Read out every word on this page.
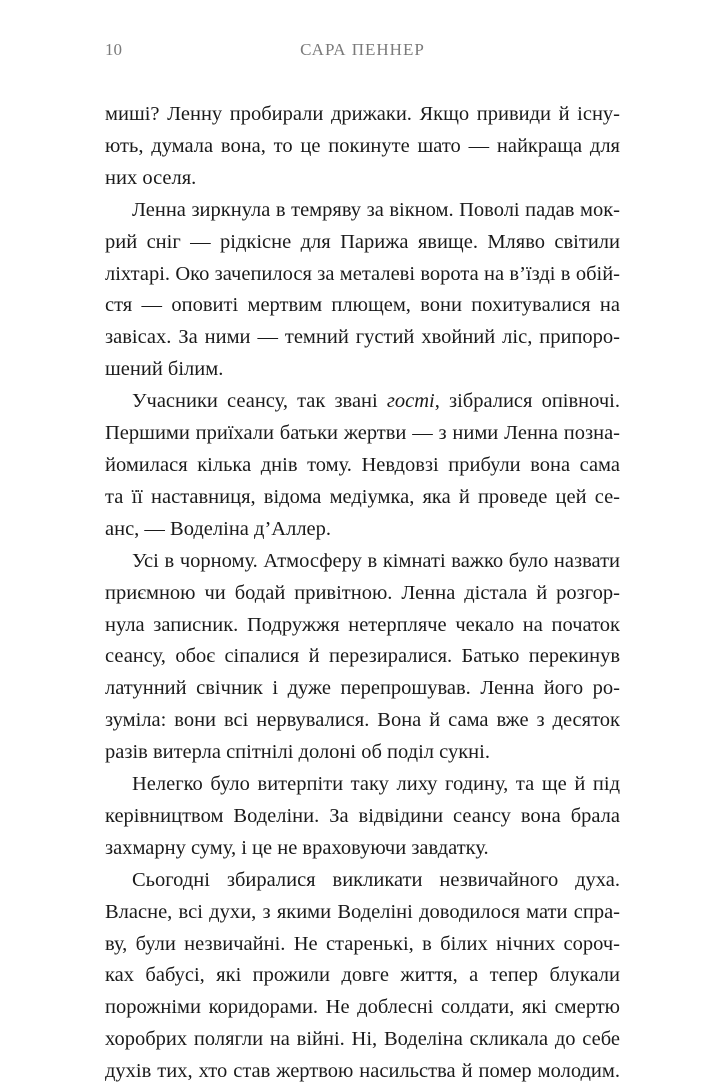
10	САРА ПЕННЕР

миші? Ленну пробирали дрижаки. Якщо привиди й існу-
ють, думала вона, то це покинуте шато — найкраща для
них оселя.

Ленна зиркнула в темряву за вікном. Поволі падав мок-
рий сніг — рідкісне для Парижа явище. Мляво світили
ліхтарі. Око зачепилося за металеві ворота на в’їзді в обій-
стя — оповиті мертвим плющем, вони похитувалися на
завісах. За ними — темний густий хвойний ліс, припоро-
шений білим.

Учасники сеансу, так звані гості, зібралися опівночі.
Першими приїхали батьки жертви — з ними Ленна позна-
йомилася кілька днів тому. Невдовзі прибули вона сама
та її наставниця, відома медіумка, яка й проведе цей се-
анс, — Воделіна д’Аллер.

Усі в чорному. Атмосферу в кімнаті важко було назвати
приємною чи бодай привітною. Ленна дістала й розгор-
нула записник. Подружжя нетерпляче чекало на початок
сеансу, обоє сіпалися й перезиралися. Батько перекинув
латунний свічник і дуже перепрошував. Ленна його ро-
зуміла: вони всі нервувалися. Вона й сама вже з десяток
разів витерла спітнілі долоні об поділ сукні.

Нелегко було витерпіти таку лиху годину, та ще й під
керівництвом Воделіни. За відвідини сеансу вона брала
захмарну суму, і це не враховуючи завдатку.

Сьогодні збиралися викликати незвичайного духа.
Власне, всі духи, з якими Воделіні доводилося мати спра-
ву, були незвичайні. Не старенькі, в білих нічних сороч-
ках бабусі, які прожили довге життя, а тепер блукали
порожніми коридорами. Не доблесні солдати, які смертю
хоробрих полягли на війні. Ні, Воделіна скликала до себе
духів тих, хто став жертвою насильства й помер молодим.
